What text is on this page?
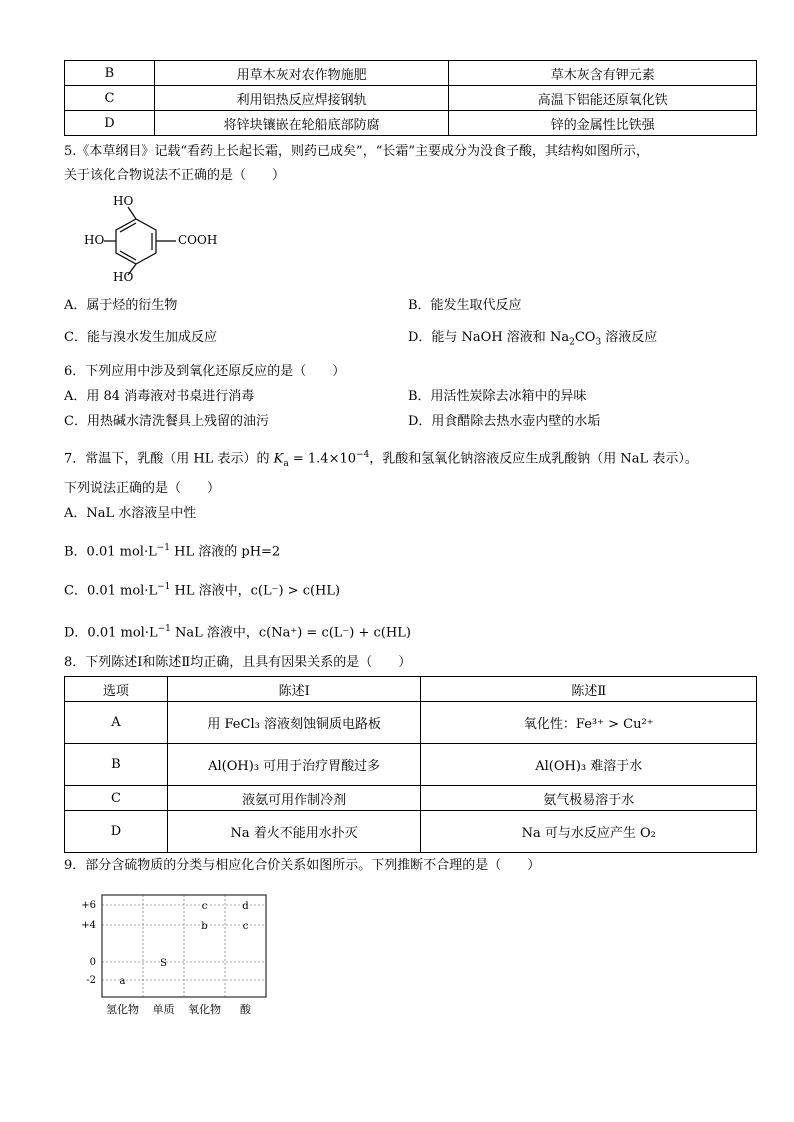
B	用草木灰对农作物施肥	草木灰含有钾元素
C	利用铝热反应焊接钢轨	高温下铝能还原氧化铁
D	将锌块镶嵌在轮船底部防腐	锌的金属性比铁强
5.《本草纲目》记载“看药上长起长霜，则药已成矣”，“长霜”主要成分为没食子酸，其结构如图所示，
关于该化合物说法不正确的是（　　）
HO
HO
HO
COOH
A．属于烃的衍生物	B．能发生取代反应
C．能与溴水发生加成反应	D．能与 NaOH 溶液和 $Na_2CO_3$ 溶液反应
6．下列应用中涉及到氧化还原反应的是（　　）
A．用 84 消毒液对书桌进行消毒	B．用活性炭除去冰箱中的异味
C．用热碱水清洗餐具上残留的油污	D．用食醋除去热水壶内壁的水垢
7．常温下，乳酸（用 HL 表示）的 $K_a = 1.4\times 10^{-4}$，乳酸和氢氧化钠溶液反应生成乳酸钠（用 NaL 表示）。
下列说法正确的是（　　）
A．NaL 水溶液呈中性
B．0.01 $mol\cdot L^{-1}$ HL 溶液的 pH=2
C．0.01 $mol\cdot L^{-1}$ HL 溶液中，c(L⁻) > c(HL)
D．0.01 $mol\cdot L^{-1}$ NaL 溶液中，c(Na⁺) = c(L⁻) + c(HL)
8．下列陈述Ⅰ和陈述Ⅱ均正确，且具有因果关系的是（　　）
选项	陈述Ⅰ	陈述Ⅱ
A	用 FeCl₃ 溶液刻蚀铜质电路板	氧化性：Fe³⁺ > Cu²⁺
B	Al(OH)₃ 可用于治疗胃酸过多	Al(OH)₃ 难溶于水
C	液氨可用作制冷剂	氨气极易溶于水
D	Na 着火不能用水扑灭	Na 可与水反应产生 O₂
9．部分含硫物质的分类与相应化合价关系如图所示。下列推断不合理的是（　　）
+6
+4
0
-2
氢化物 单质 氧化物 酸
a
S
b
c
c
d
